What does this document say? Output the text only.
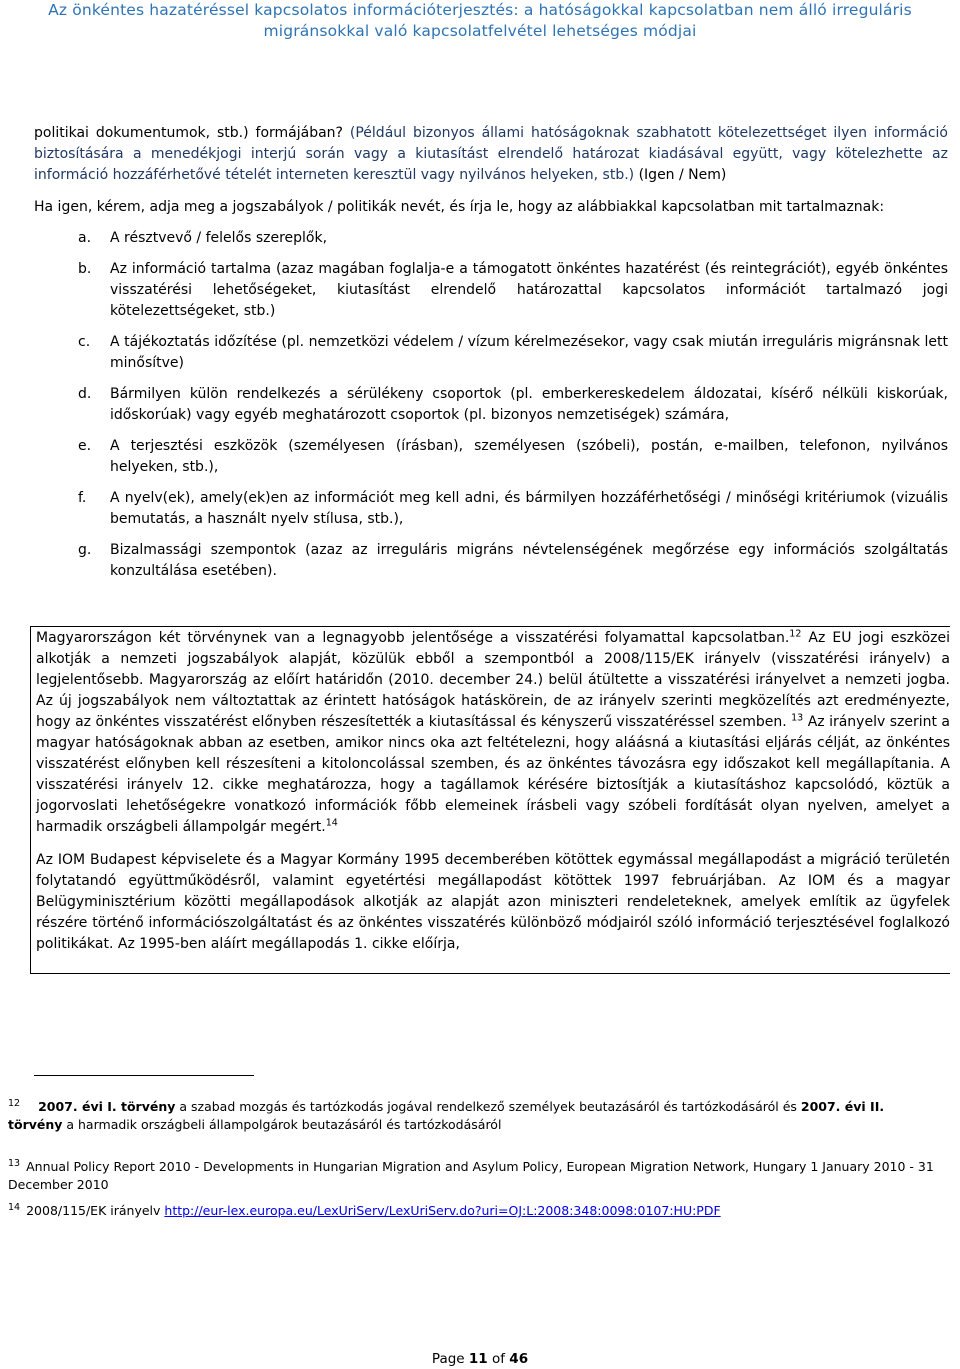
Az önkéntes hazatéréssel kapcsolatos információterjesztés: a hatóságokkal kapcsolatban nem álló irreguláris
migránsokkal való kapcsolatfelvétel lehetséges módjai

politikai dokumentumok, stb.) formájában? (Például bizonyos állami hatóságoknak szabhatott kötelezettséget ilyen információ biztosítására a menedékjogi interjú során vagy a kiutasítást elrendelő határozat kiadásával együtt, vagy kötelezhette az információ hozzáférhetővé tételét interneten keresztül vagy nyilvános helyeken, stb.) (Igen / Nem)

Ha igen, kérem, adja meg a jogszabályok / politikák nevét, és írja le, hogy az alábbiakkal kapcsolatban mit tartalmaznak:

a. A résztvevő / felelős szereplők,

b. Az információ tartalma (azaz magában foglalja-e a támogatott önkéntes hazatérést (és reintegrációt), egyéb önkéntes visszatérési lehetőségeket, kiutasítást elrendelő határozattal kapcsolatos információt tartalmazó jogi kötelezettségeket, stb.)

c. A tájékoztatás időzítése (pl. nemzetközi védelem / vízum kérelmezésekor, vagy csak miután irreguláris migránsnak lett minősítve)

d. Bármilyen külön rendelkezés a sérülékeny csoportok (pl. emberkereskedelem áldozatai, kísérő nélküli kiskorúak, időskorúak) vagy egyéb meghatározott csoportok (pl. bizonyos nemzetiségek) számára,

e. A terjesztési eszközök (személyesen (írásban), személyesen (szóbeli), postán, e-mailben, telefonon, nyilvános helyeken, stb.),

f. A nyelv(ek), amely(ek)en az információt meg kell adni, és bármilyen hozzáférhetőségi / minőségi kritériumok (vizuális bemutatás, a használt nyelv stílusa, stb.),

g. Bizalmassági szempontok (azaz az irreguláris migráns névtelenségének megőrzése egy információs szolgáltatás konzultálása esetében).

Magyarországon két törvénynek van a legnagyobb jelentősége a visszatérési folyamattal kapcsolatban.$^{12}$ Az EU jogi eszközei alkotják a nemzeti jogszabályok alapját, közülük ebből a szempontból a 2008/115/EK irányelv (visszatérési irányelv) a legjelentősebb. Magyarország az előírt határidőn (2010. december 24.) belül átültette a visszatérési irányelvet a nemzeti jogba. Az új jogszabályok nem változtattak az érintett hatóságok hatáskörein, de az irányelv szerinti megközelítés azt eredményezte, hogy az önkéntes visszatérést előnyben részesítették a kiutasítással és kényszerű visszatéréssel szemben. $^{13}$ Az irányelv szerint a magyar hatóságoknak abban az esetben, amikor nincs oka azt feltételezni, hogy aláásná a kiutasítási eljárás célját, az önkéntes visszatérést előnyben kell részesíteni a kitoloncolással szemben, és az önkéntes távozásra egy időszakot kell megállapítania. A visszatérési irányelv 12. cikke meghatározza, hogy a tagállamok kérésére biztosítják a kiutasításhoz kapcsolódó, köztük a jogorvoslati lehetőségekre vonatkozó információk főbb elemeinek írásbeli vagy szóbeli fordítását olyan nyelven, amelyet a harmadik országbeli állampolgár megért.$^{14}$

Az IOM Budapest képviselete és a Magyar Kormány 1995 decemberében kötöttek egymással megállapodást a migráció területén folytatandó együttműködésről, valamint egyetértési megállapodást kötöttek 1997 februárjában. Az IOM és a magyar Belügyminisztérium közötti megállapodások alkotják az alapját azon miniszteri rendeleteknek, amelyek említik az ügyfelek részére történő információszolgáltatást és az önkéntes visszatérés különböző módjairól szóló információ terjesztésével foglalkozó politikákat. Az 1995-ben aláírt megállapodás 1. cikke előírja,

12 2007. évi I. törvény a szabad mozgás és tartózkodás jogával rendelkező személyek beutazásáról és tartózkodásáról és 2007. évi II. törvény a harmadik országbeli állampolgárok beutazásáról és tartózkodásáról
13 Annual Policy Report 2010 - Developments in Hungarian Migration and Asylum Policy, European Migration Network, Hungary 1 January 2010 - 31 December 2010
14 2008/115/EK irányelv http://eur-lex.europa.eu/LexUriServ/LexUriServ.do?uri=OJ:L:2008:348:0098:0107:HU:PDF
Page 11 of 46
